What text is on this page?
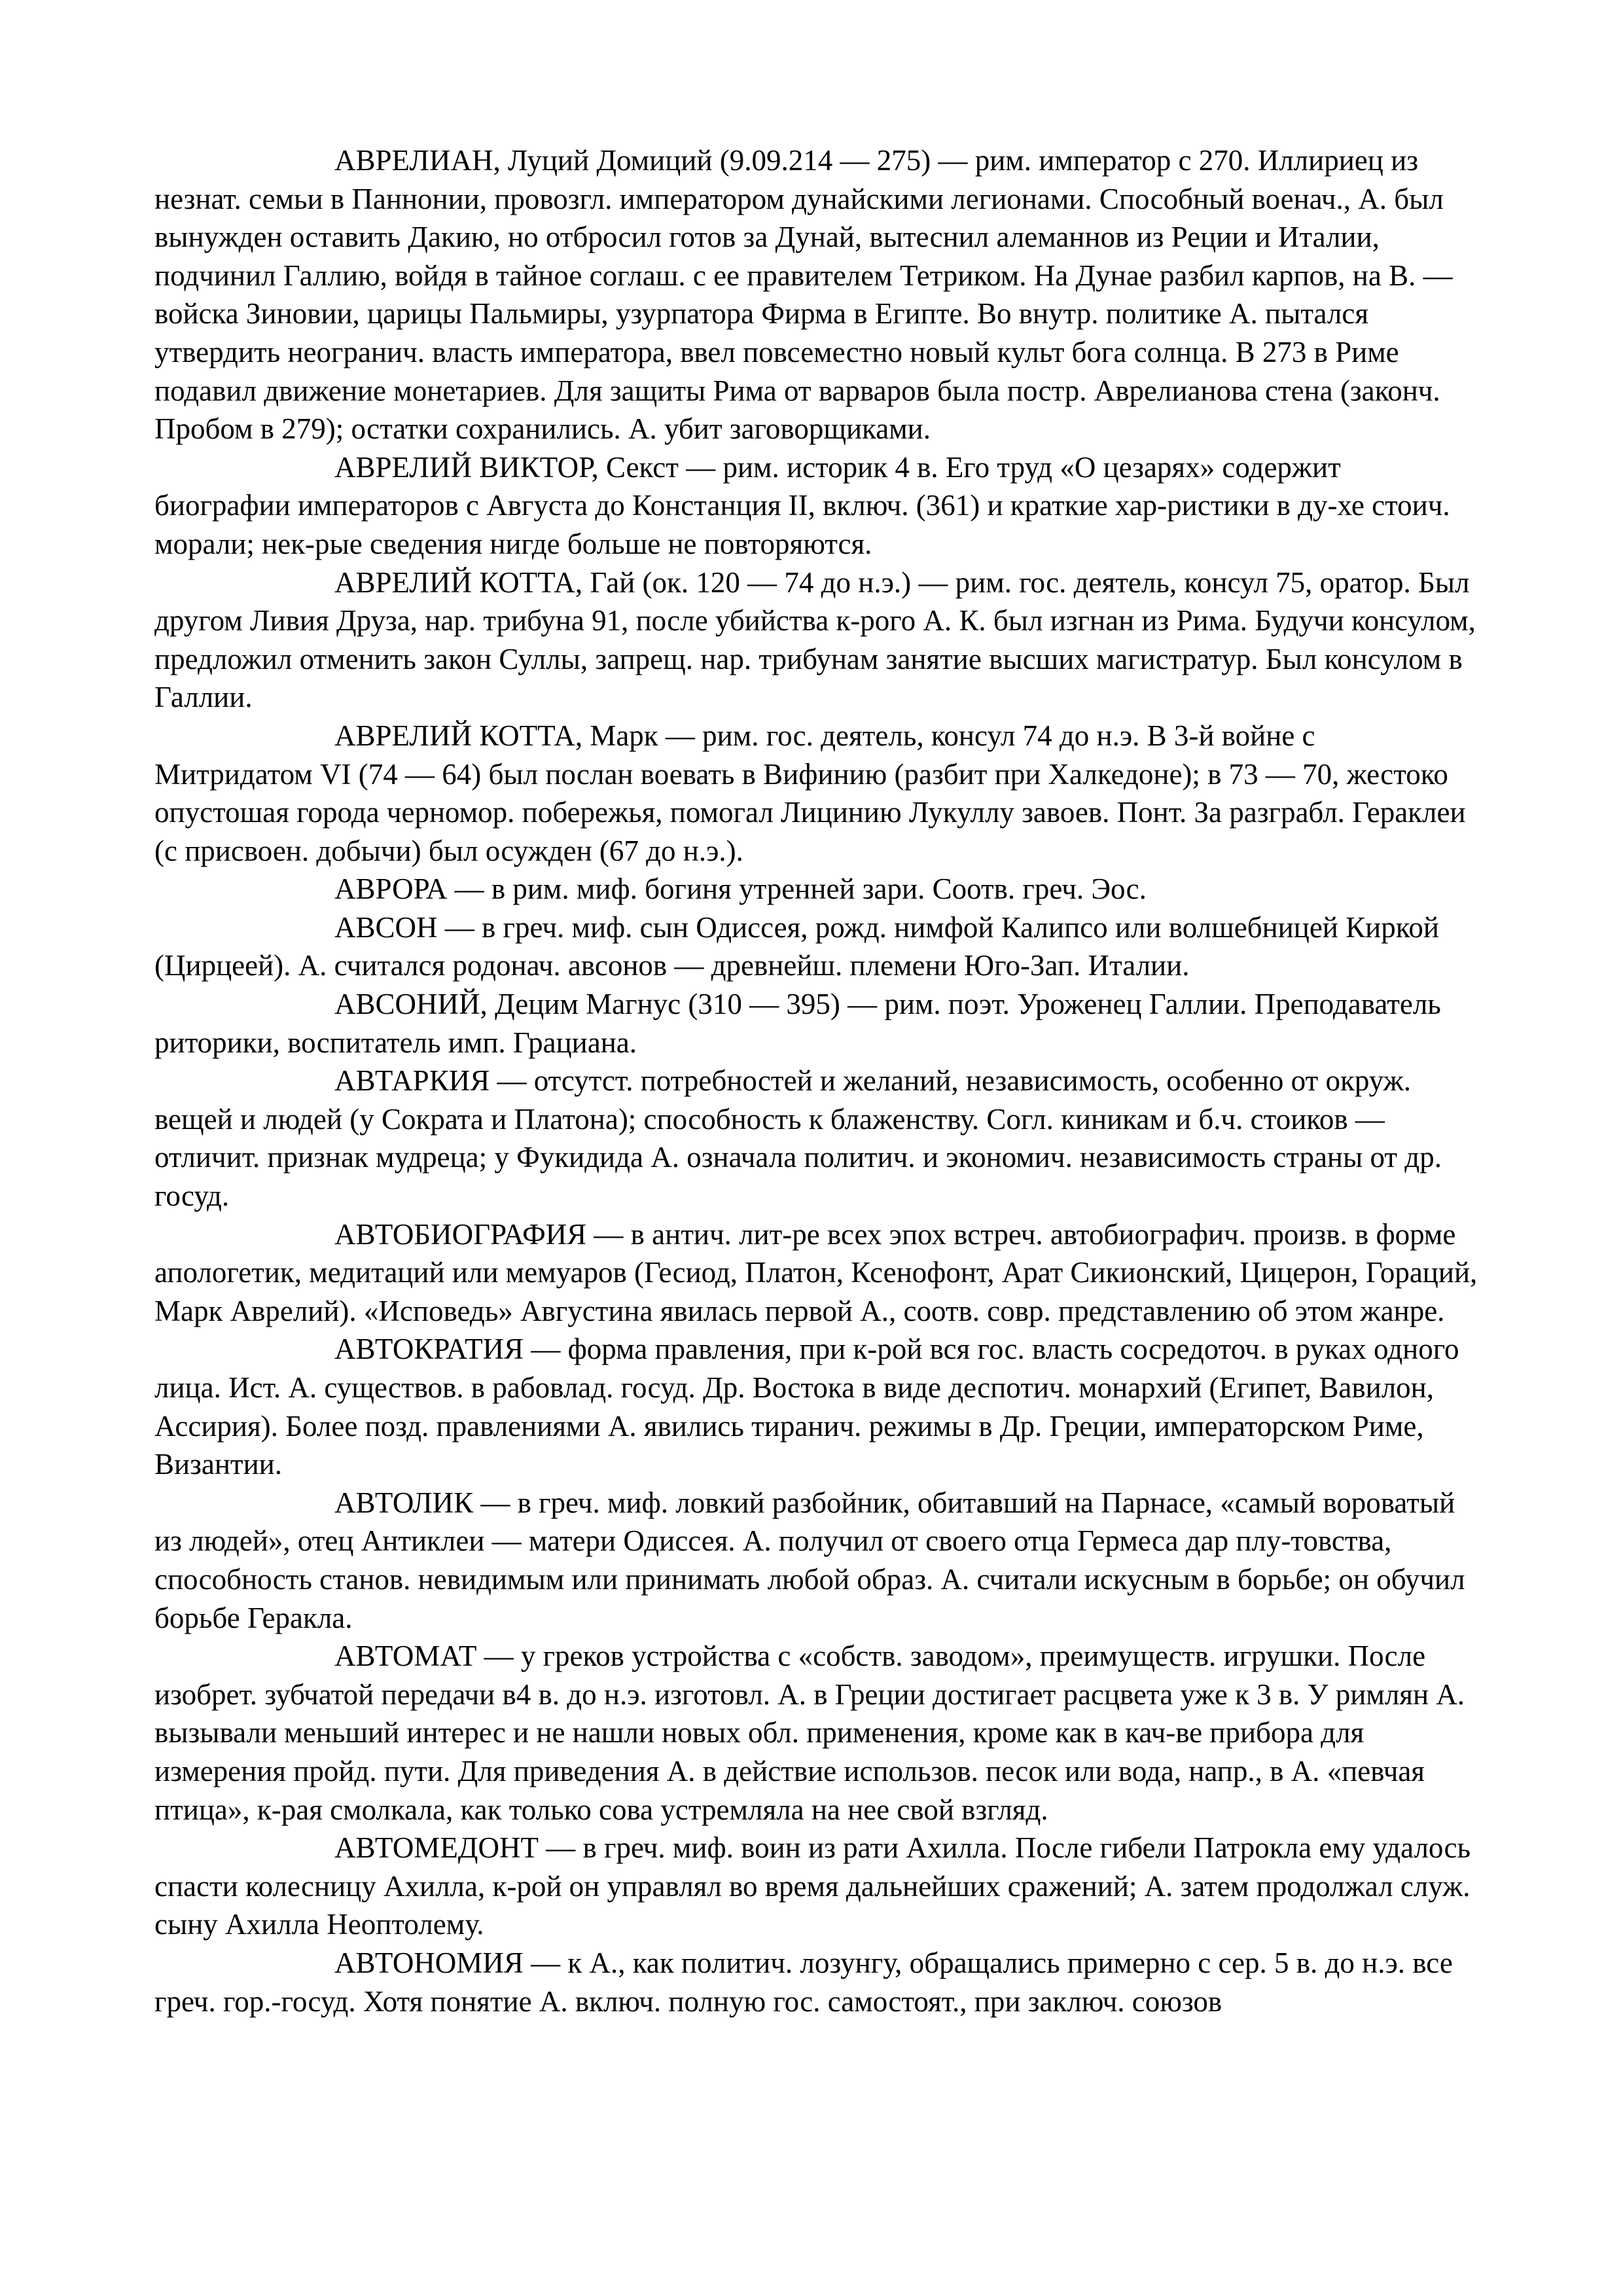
АВРЕЛИАН, Луций Домиций (9.09.214 — 275) — рим. император с 270. Иллириец из незнат. семьи в Паннонии, провозгл. императором дунайскими легионами. Способный военач., А. был вынужден оставить Дакию, но отбросил готов за Дунай, вытеснил алеманнов из Реции и Италии, подчинил Галлию, войдя в тайное соглаш. с ее правителем Тетриком. На Дунае разбил карпов, на В. — войска Зиновии, царицы Пальмиры, узурпатора Фирма в Египте. Во внутр. политике А. пытался утвердить неогранич. власть императора, ввел повсеместно новый культ бога солнца. В 273 в Риме подавил движение монетариев. Для защиты Рима от варваров была постр. Аврелианова стена (законч. Пробом в 279); остатки сохранились. А. убит заговорщиками.

АВРЕЛИЙ ВИКТОР, Секст — рим. историк 4 в. Его труд «О цезарях» содержит биографии императоров с Августа до Констанция II, включ. (361) и краткие хар-ристики в ду-хе стоич. морали; нек-рые сведения нигде больше не повторяются.

АВРЕЛИЙ КОТТА, Гай (ок. 120 — 74 до н.э.) — рим. гос. деятель, консул 75, оратор. Был другом Ливия Друза, нар. трибуна 91, после убийства к-рого А. К. был изгнан из Рима. Будучи консулом, предложил отменить закон Суллы, запрещ. нар. трибунам занятие высших магистратур. Был консулом в Галлии.

АВРЕЛИЙ КОТТА, Марк — рим. гос. деятель, консул 74 до н.э. В 3-й войне с Митридатом VI (74 — 64) был послан воевать в Вифинию (разбит при Халкедоне); в 73 — 70, жестоко опустошая города черномор. побережья, помогал Лицинию Лукуллу завоев. Понт. За разграбл. Гераклеи (с присвоен. добычи) был осужден (67 до н.э.).

АВРОРА — в рим. миф. богиня утренней зари. Соотв. греч. Эос.

АВСОН — в греч. миф. сын Одиссея, рожд. нимфой Калипсо или волшебницей Киркой (Цирцеей). А. считался родонач. авсонов — древнейш. племени Юго-Зап. Италии.

АВСОНИЙ, Децим Магнус (310 — 395) — рим. поэт. Уроженец Галлии. Преподаватель риторики, воспитатель имп. Грациана.

АВТАРКИЯ — отсутст. потребностей и желаний, независимость, особенно от окруж. вещей и людей (у Сократа и Платона); способность к блаженству. Согл. киникам и б.ч. стоиков — отличит. признак мудреца; у Фукидида А. означала политич. и экономич. независимость страны от др. госуд.

АВТОБИОГРАФИЯ — в антич. лит-ре всех эпох встреч. автобиографич. произв. в форме апологетик, медитаций или мемуаров (Гесиод, Платон, Ксенофонт, Арат Сикионский, Цицерон, Гораций, Марк Аврелий). «Исповедь» Августина явилась первой А., соотв. совр. представлению об этом жанре.

АВТОКРАТИЯ — форма правления, при к-рой вся гос. власть сосредоточ. в руках одного лица. Ист. А. существов. в рабовлад. госуд. Др. Востока в виде деспотич. монархий (Египет, Вавилон, Ассирия). Более позд. правлениями А. явились тиранич. режимы в Др. Греции, императорском Риме, Византии.

АВТОЛИК — в греч. миф. ловкий разбойник, обитавший на Парнасе, «самый вороватый из людей», отец Антиклеи — матери Одиссея. А. получил от своего отца Гермеса дар плу-товства, способность станов. невидимым или принимать любой образ. А. считали искусным в борьбе; он обучил борьбе Геракла.

АВТОМАТ — у греков устройства с «собств. заводом», преимуществ. игрушки. После изобрет. зубчатой передачи в4 в. до н.э. изготовл. А. в Греции достигает расцвета уже к 3 в. У римлян А. вызывали меньший интерес и не нашли новых обл. применения, кроме как в кач-ве прибора для измерения пройд. пути. Для приведения А. в действие использов. песок или вода, напр., в А. «певчая птица», к-рая смолкала, как только сова устремляла на нее свой взгляд.

АВТОМЕДОНТ — в греч. миф. воин из рати Ахилла. После гибели Патрокла ему удалось спасти колесницу Ахилла, к-рой он управлял во время дальнейших сражений; А. затем продолжал служ. сыну Ахилла Неоптолему.

АВТОНОМИЯ — к А., как политич. лозунгу, обращались примерно с сер. 5 в. до н.э. все греч. гор.-госуд. Хотя понятие А. включ. полную гос. самостоят., при заключ. союзов
